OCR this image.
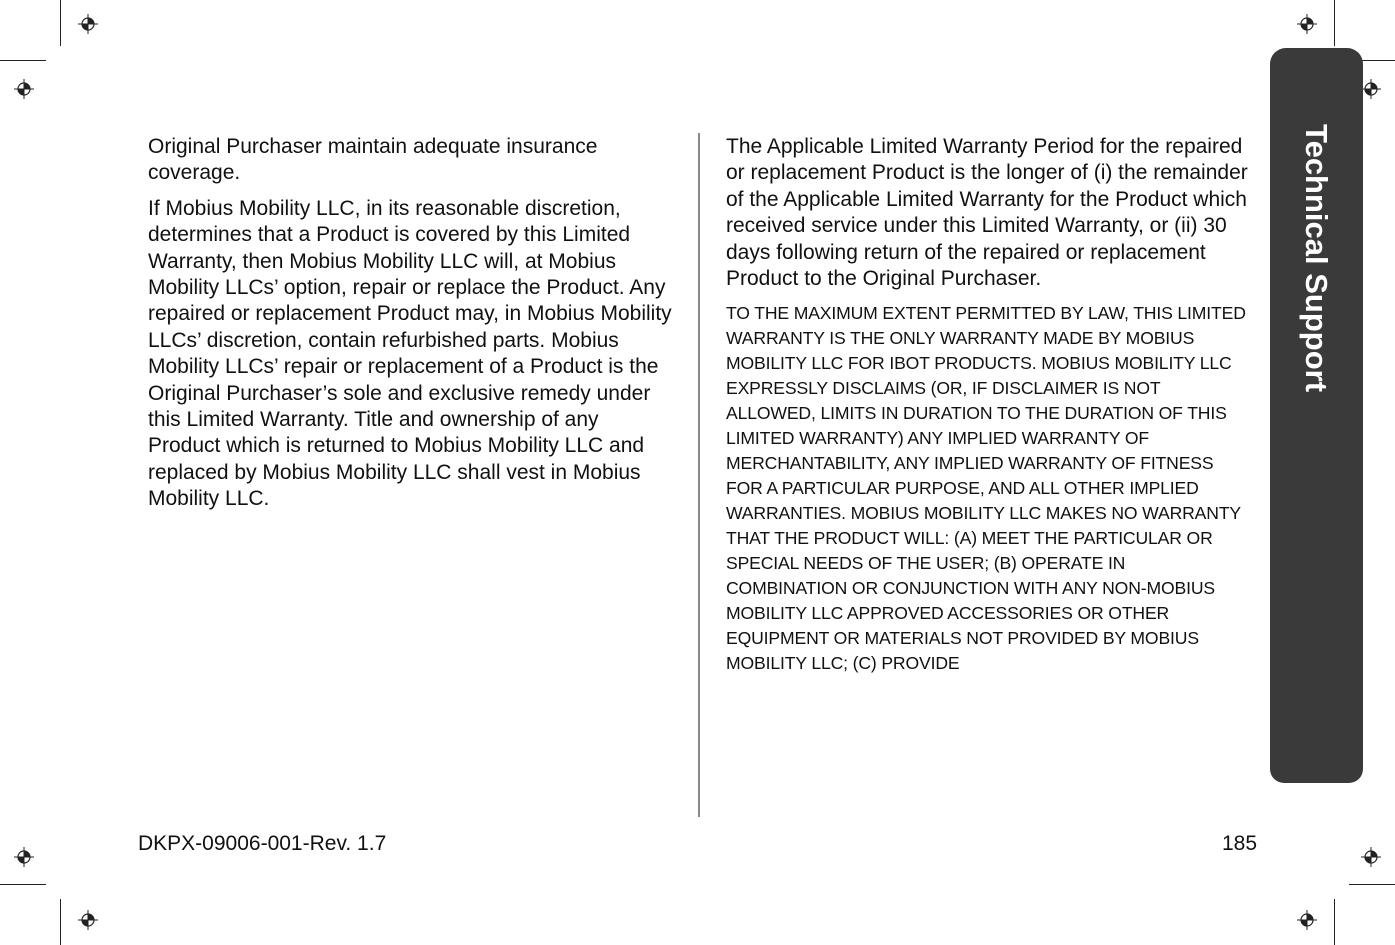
Technical Support

Original Purchaser maintain adequate insurance coverage.

If Mobius Mobility LLC, in its reasonable discretion, determines that a Product is covered by this Limited Warranty, then Mobius Mobility LLC will, at Mobius Mobility LLCs’ option, repair or replace the Product. Any repaired or replacement Product may, in Mobius Mobility LLCs’ discretion, contain refurbished parts. Mobius Mobility LLCs’ repair or replacement of a Product is the Original Purchaser’s sole and exclusive remedy under this Limited Warranty. Title and ownership of any Product which is returned to Mobius Mobility LLC and replaced by Mobius Mobility LLC shall vest in Mobius Mobility LLC.

The Applicable Limited Warranty Period for the repaired or replacement Product is the longer of (i) the remainder of the Applicable Limited Warranty for the Product which received service under this Limited Warranty, or (ii) 30 days following return of the repaired or replacement Product to the Original Purchaser.

TO THE MAXIMUM EXTENT PERMITTED BY LAW, THIS LIMITED WARRANTY IS THE ONLY WARRANTY MADE BY MOBIUS MOBILITY LLC FOR IBOT PRODUCTS. MOBIUS MOBILITY LLC EXPRESSLY DISCLAIMS (OR, IF DISCLAIMER IS NOT ALLOWED, LIMITS IN DURATION TO THE DURATION OF THIS LIMITED WARRANTY) ANY IMPLIED WARRANTY OF MERCHANTABILITY, ANY IMPLIED WARRANTY OF FITNESS FOR A PARTICULAR PURPOSE, AND ALL OTHER IMPLIED WARRANTIES. MOBIUS MOBILITY LLC MAKES NO WARRANTY THAT THE PRODUCT WILL: (A) MEET THE PARTICULAR OR SPECIAL NEEDS OF THE USER; (B) OPERATE IN COMBINATION OR CONJUNCTION WITH ANY NON-MOBIUS MOBILITY LLC APPROVED ACCESSORIES OR OTHER EQUIPMENT OR MATERIALS NOT PROVIDED BY MOBIUS MOBILITY LLC; (C) PROVIDE

DKPX-09006-001-Rev. 1.7	185
